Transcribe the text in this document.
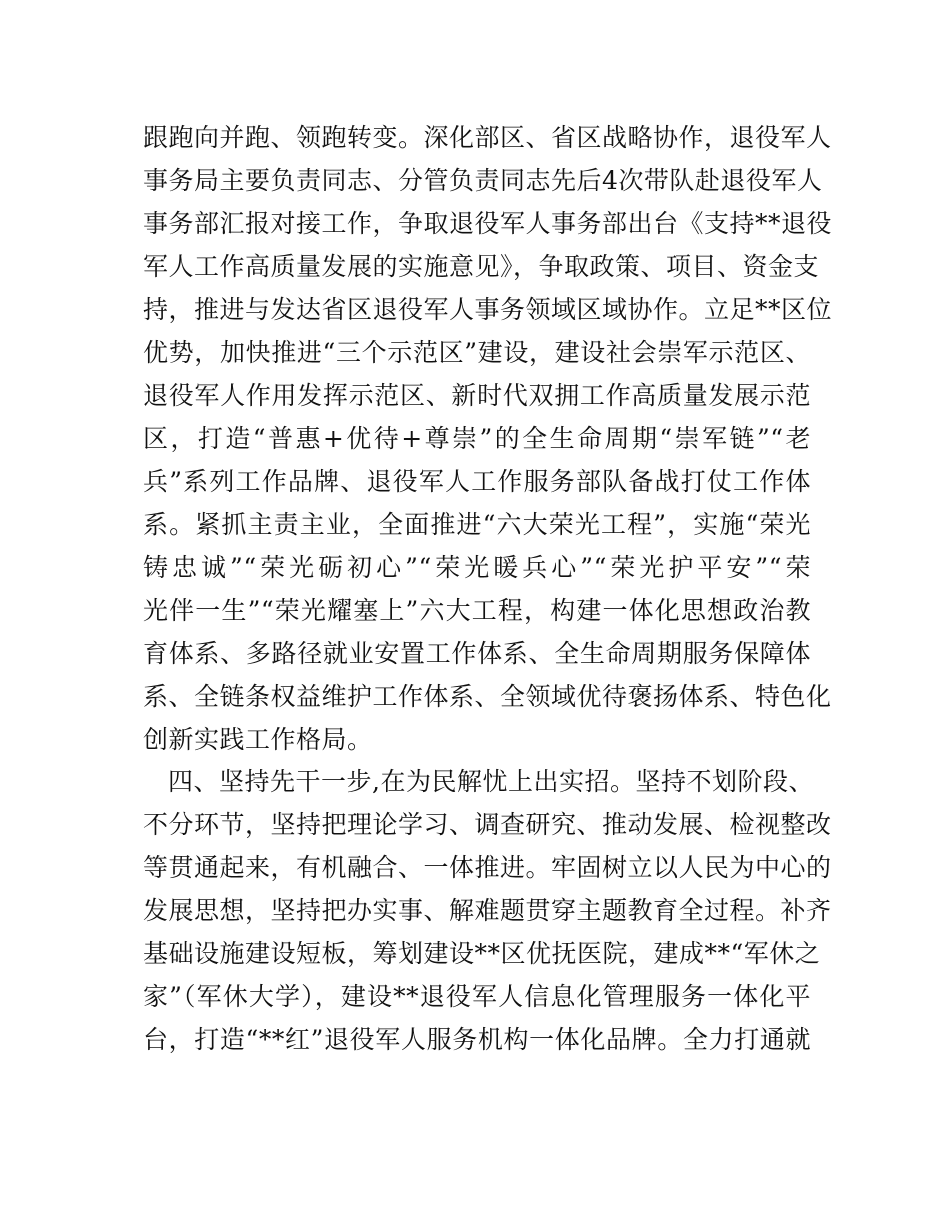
跟跑向并跑、领跑转变。深化部区、省区战略协作，退役军人
事务局主要负责同志、分管负责同志先后4次带队赴退役军人
事务部汇报对接工作，争取退役军人事务部出台《支持**退役
军人工作高质量发展的实施意见》，争取政策、项目、资金支
持，推进与发达省区退役军人事务领域区域协作。立足**区位
优势，加快推进“三个示范区”建设，建设社会崇军示范区、
退役军人作用发挥示范区、新时代双拥工作高质量发展示范
区，打造“普惠+优待+尊崇”的全生命周期“崇军链”“老
兵”系列工作品牌、退役军人工作服务部队备战打仗工作体
系。紧抓主责主业，全面推进“六大荣光工程”，实施“荣光
铸忠诚”“荣光砺初心”“荣光暖兵心”“荣光护平安”“荣
光伴一生”“荣光耀塞上”六大工程，构建一体化思想政治教
育体系、多路径就业安置工作体系、全生命周期服务保障体
系、全链条权益维护工作体系、全领域优待褒扬体系、特色化
创新实践工作格局。
四、坚持先干一步,在为民解忧上出实招。坚持不划阶段、
不分环节，坚持把理论学习、调查研究、推动发展、检视整改
等贯通起来，有机融合、一体推进。牢固树立以人民为中心的
发展思想，坚持把办实事、解难题贯穿主题教育全过程。补齐
基础设施建设短板，筹划建设**区优抚医院，建成**“军休之
家”（军休大学），建设**退役军人信息化管理服务一体化平
台，打造“**红”退役军人服务机构一体化品牌。全力打通就
